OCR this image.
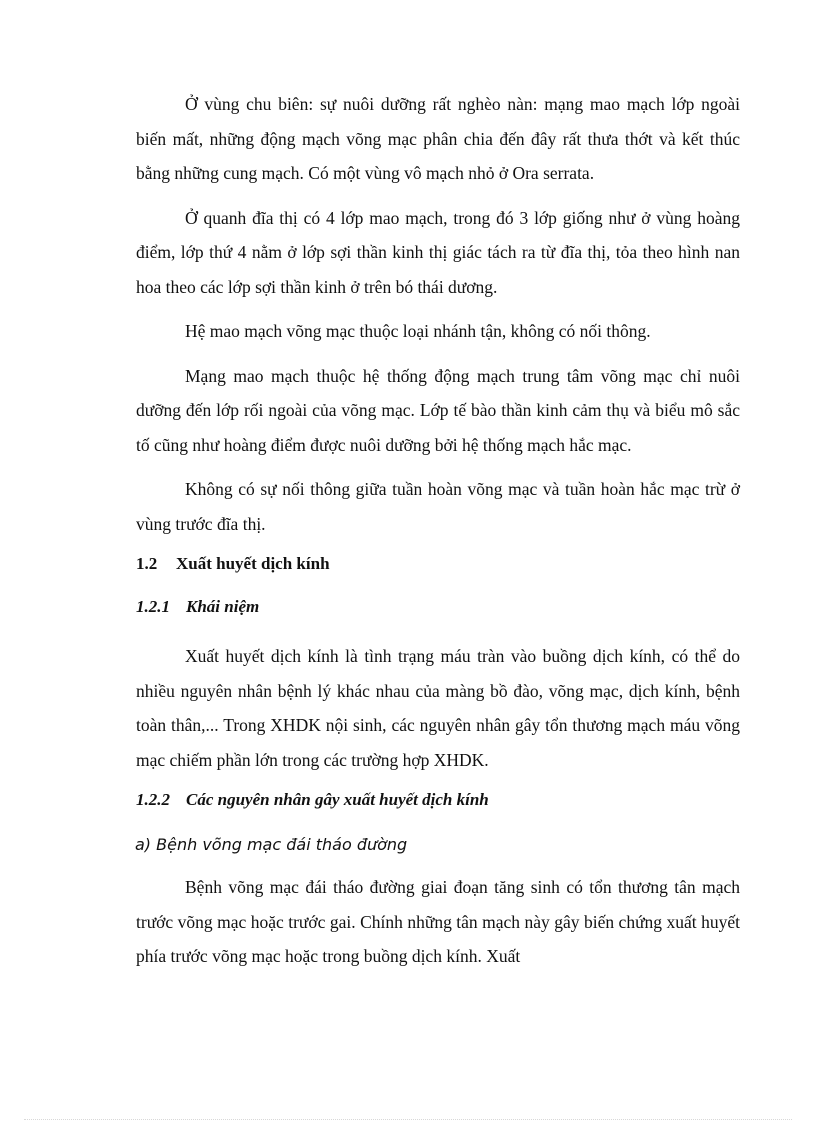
Ở vùng chu biên: sự nuôi dưỡng rất nghèo nàn: mạng mao mạch lớp ngoài biến mất, những động mạch võng mạc phân chia đến đây rất thưa thớt và kết thúc bằng những cung mạch. Có một vùng vô mạch nhỏ ở Ora serrata.

Ở quanh đĩa thị có 4 lớp mao mạch, trong đó 3 lớp giống như ở vùng hoàng điểm, lớp thứ 4 nằm ở lớp sợi thần kinh thị giác tách ra từ đĩa thị, tỏa theo hình nan hoa theo các lớp sợi thần kinh ở trên bó thái dương.

Hệ mao mạch võng mạc thuộc loại nhánh tận, không có nối thông.

Mạng mao mạch thuộc hệ thống động mạch trung tâm võng mạc chỉ nuôi dưỡng đến lớp rối ngoài của võng mạc. Lớp tế bào thần kinh cảm thụ và biểu mô sắc tố cũng như hoàng điểm được nuôi dưỡng bởi hệ thống mạch hắc mạc.

Không có sự nối thông giữa tuần hoàn võng mạc và tuần hoàn hắc mạc trừ ở vùng trước đĩa thị.

1.2 Xuất huyết dịch kính
1.2.1 Khái niệm

Xuất huyết dịch kính là tình trạng máu tràn vào buồng dịch kính, có thể do nhiều nguyên nhân bệnh lý khác nhau của màng bồ đào, võng mạc, dịch kính, bệnh toàn thân,... Trong XHDK nội sinh, các nguyên nhân gây tổn thương mạch máu võng mạc chiếm phần lớn trong các trường hợp XHDK.

1.2.2 Các nguyên nhân gây xuất huyết dịch kính
a) Bệnh võng mạc đái tháo đường

Bệnh võng mạc đái tháo đường giai đoạn tăng sinh có tổn thương tân mạch trước võng mạc hoặc trước gai. Chính những tân mạch này gây biến chứng xuất huyết phía trước võng mạc hoặc trong buồng dịch kính. Xuất
